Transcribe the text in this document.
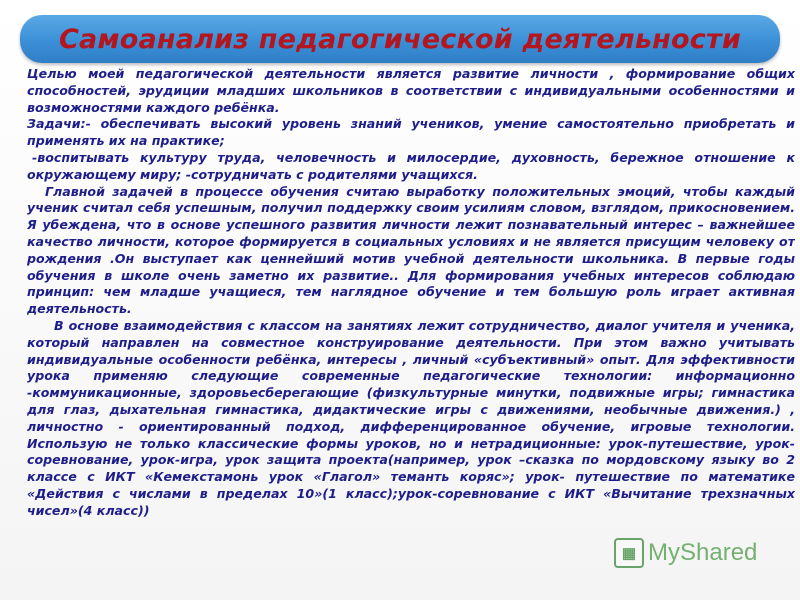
Самоанализ педагогической деятельности

Целью моей педагогической деятельности является развитие личности , формирование общих способностей, эрудиции младших школьников в соответствии с индивидуальными особенностями и возможностями каждого ребёнка.

Задачи:- обеспечивать высокий уровень знаний учеников, умение самостоятельно приобретать и применять их на практике;

-воспитывать культуру труда, человечность и милосердие, духовность, бережное отношение к окружающему миру; -сотрудничать с родителями учащихся.

Главной задачей в процессе обучения считаю выработку положительных эмоций, чтобы каждый ученик считал себя успешным, получил поддержку своим усилиям словом, взглядом, прикосновением. Я убеждена, что в основе успешного развития личности лежит познавательный интерес – важнейшее качество личности, которое формируется в социальных условиях и не является присущим человеку от рождения .Он выступает как ценнейший мотив учебной деятельности школьника. В первые годы обучения в школе очень заметно их развитие.. Для формирования учебных интересов соблюдаю принцип: чем младше учащиеся, тем наглядное обучение и тем большую роль играет активная деятельность.

В основе взаимодействия с классом на занятиях лежит сотрудничество, диалог учителя и ученика, который направлен на совместное конструирование деятельности. При этом важно учитывать индивидуальные особенности ребёнка, интересы , личный «субъективный» опыт. Для эффективности урока применяю следующие современные педагогические технологии: информационно -коммуникационные, здоровьесберегающие (физкультурные минутки, подвижные игры; гимнастика для глаз, дыхательная гимнастика, дидактические игры с движениями, необычные движения.) , личностно - ориентированный подход, дифференцированное обучение, игровые технологии. Использую не только классические формы уроков, но и нетрадиционные: урок-путешествие, урок-соревнование, урок-игра, урок защита проекта(например, урок –сказка по мордовскому языку во 2 классе с ИКТ «Кемекстамонь урок «Глагол» теманть коряс»; урок- путешествие по математике «Действия с числами в пределах 10»(1 класс);урок-соревнование с ИКТ «Вычитание трехзначных чисел»(4 класс))

▦ MyShared
